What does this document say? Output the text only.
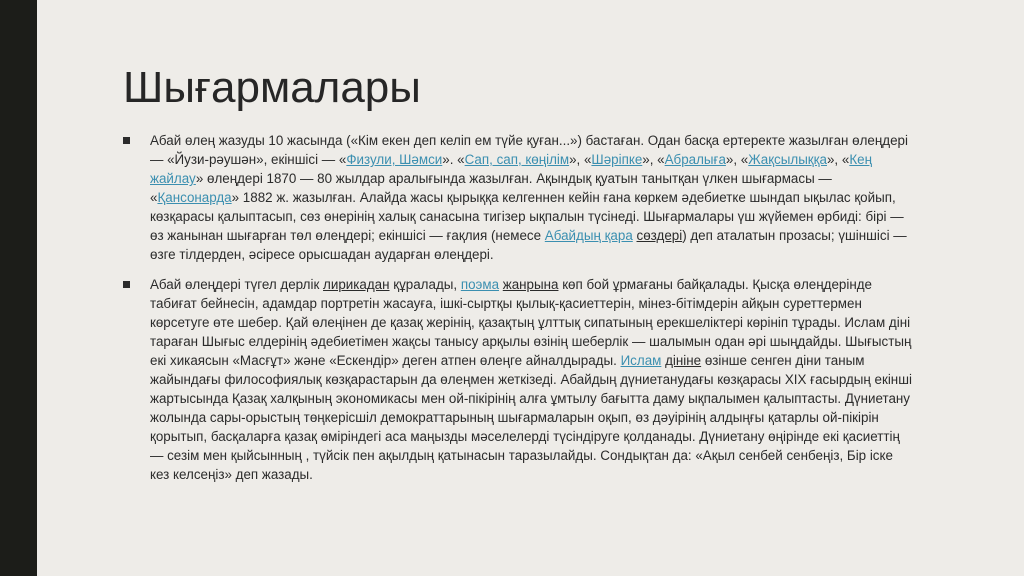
Шығармалары
Абай өлең жазуды 10 жасында («Кім екен деп келіп ем түйе қуған...») бастаған. Одан басқа ертеректе жазылған өлеңдері — «Йузи-рәушән», екіншісі — «Физули, Шәмси». «Сап, сап, көңілім», «Шәріпке», «Абралыға», «Жақсылыққа», «Кең жайлау» өлеңдері 1870 — 80 жылдар аралығында жазылған. Ақындық қуатын танытқан үлкен шығармасы — «Қансонарда» 1882 ж. жазылған. Алайда жасы қырыққа келгеннен кейін ғана көркем әдебиетке шындап ықылас қойып, көзқарасы қалыптасып, сөз өнерінің халық санасына тигізер ықпалын түсінеді. Шығармалары үш жүйемен өрбиді: бірі — өз жанынан шығарған төл өлеңдері; екіншісі — ғақлия (немесе Абайдың қара сөздері) деп аталатын прозасы; үшіншісі — өзге тілдерден, әсіресе орысшадан аударған өлеңдері.
Абай өлеңдері түгел дерлік лирикадан құралады, поэма жанрына көп бой ұрмағаны байқалады. Қысқа өлеңдерінде табиғат бейнесін, адамдар портретін жасауға, ішкі-сыртқы қылық-қасиеттерін, мінез-бітімдерін айқын суреттермен көрсетуге өте шебер. Қай өлеңінен де қазақ жерінің, қазақтың ұлттық сипатының ерекшеліктері көрініп тұрады. Ислам діні тараған Шығыс елдерінің әдебиетімен жақсы танысу арқылы өзінің шеберлік — шалымын одан әрі шыңдайды. Шығыстың екі хикаясын «Масғұт» және «Ескендір» деген атпен өлеңге айналдырады. Ислам дініне өзінше сенген діни таным жайындағы философиялық көзқарастарын да өлеңмен жеткізеді. Абайдың дүниетанудағы көзқарасы XIX ғасырдың екінші жартысында Қазақ халқының экономикасы мен ой-пікірінің алға ұмтылу бағытта даму ықпалымен қалыптасты. Дүниетану жолында сары-орыстың төңкерісшіл демократтарының шығармаларын оқып, өз дәуірінің алдыңғы қатарлы ой-пікірін қорытып, басқаларға қазақ өміріндегі аса маңызды мәселелерді түсіндіруге қолданады. Дүниетану өңірінде екі қасиеттің — сезім мен қыйсынның , түйсік пен ақылдың қатынасын таразылайды. Сондықтан да: «Ақыл сенбей сенбеңіз, Бір іске кез келсеңіз» деп жазады.
